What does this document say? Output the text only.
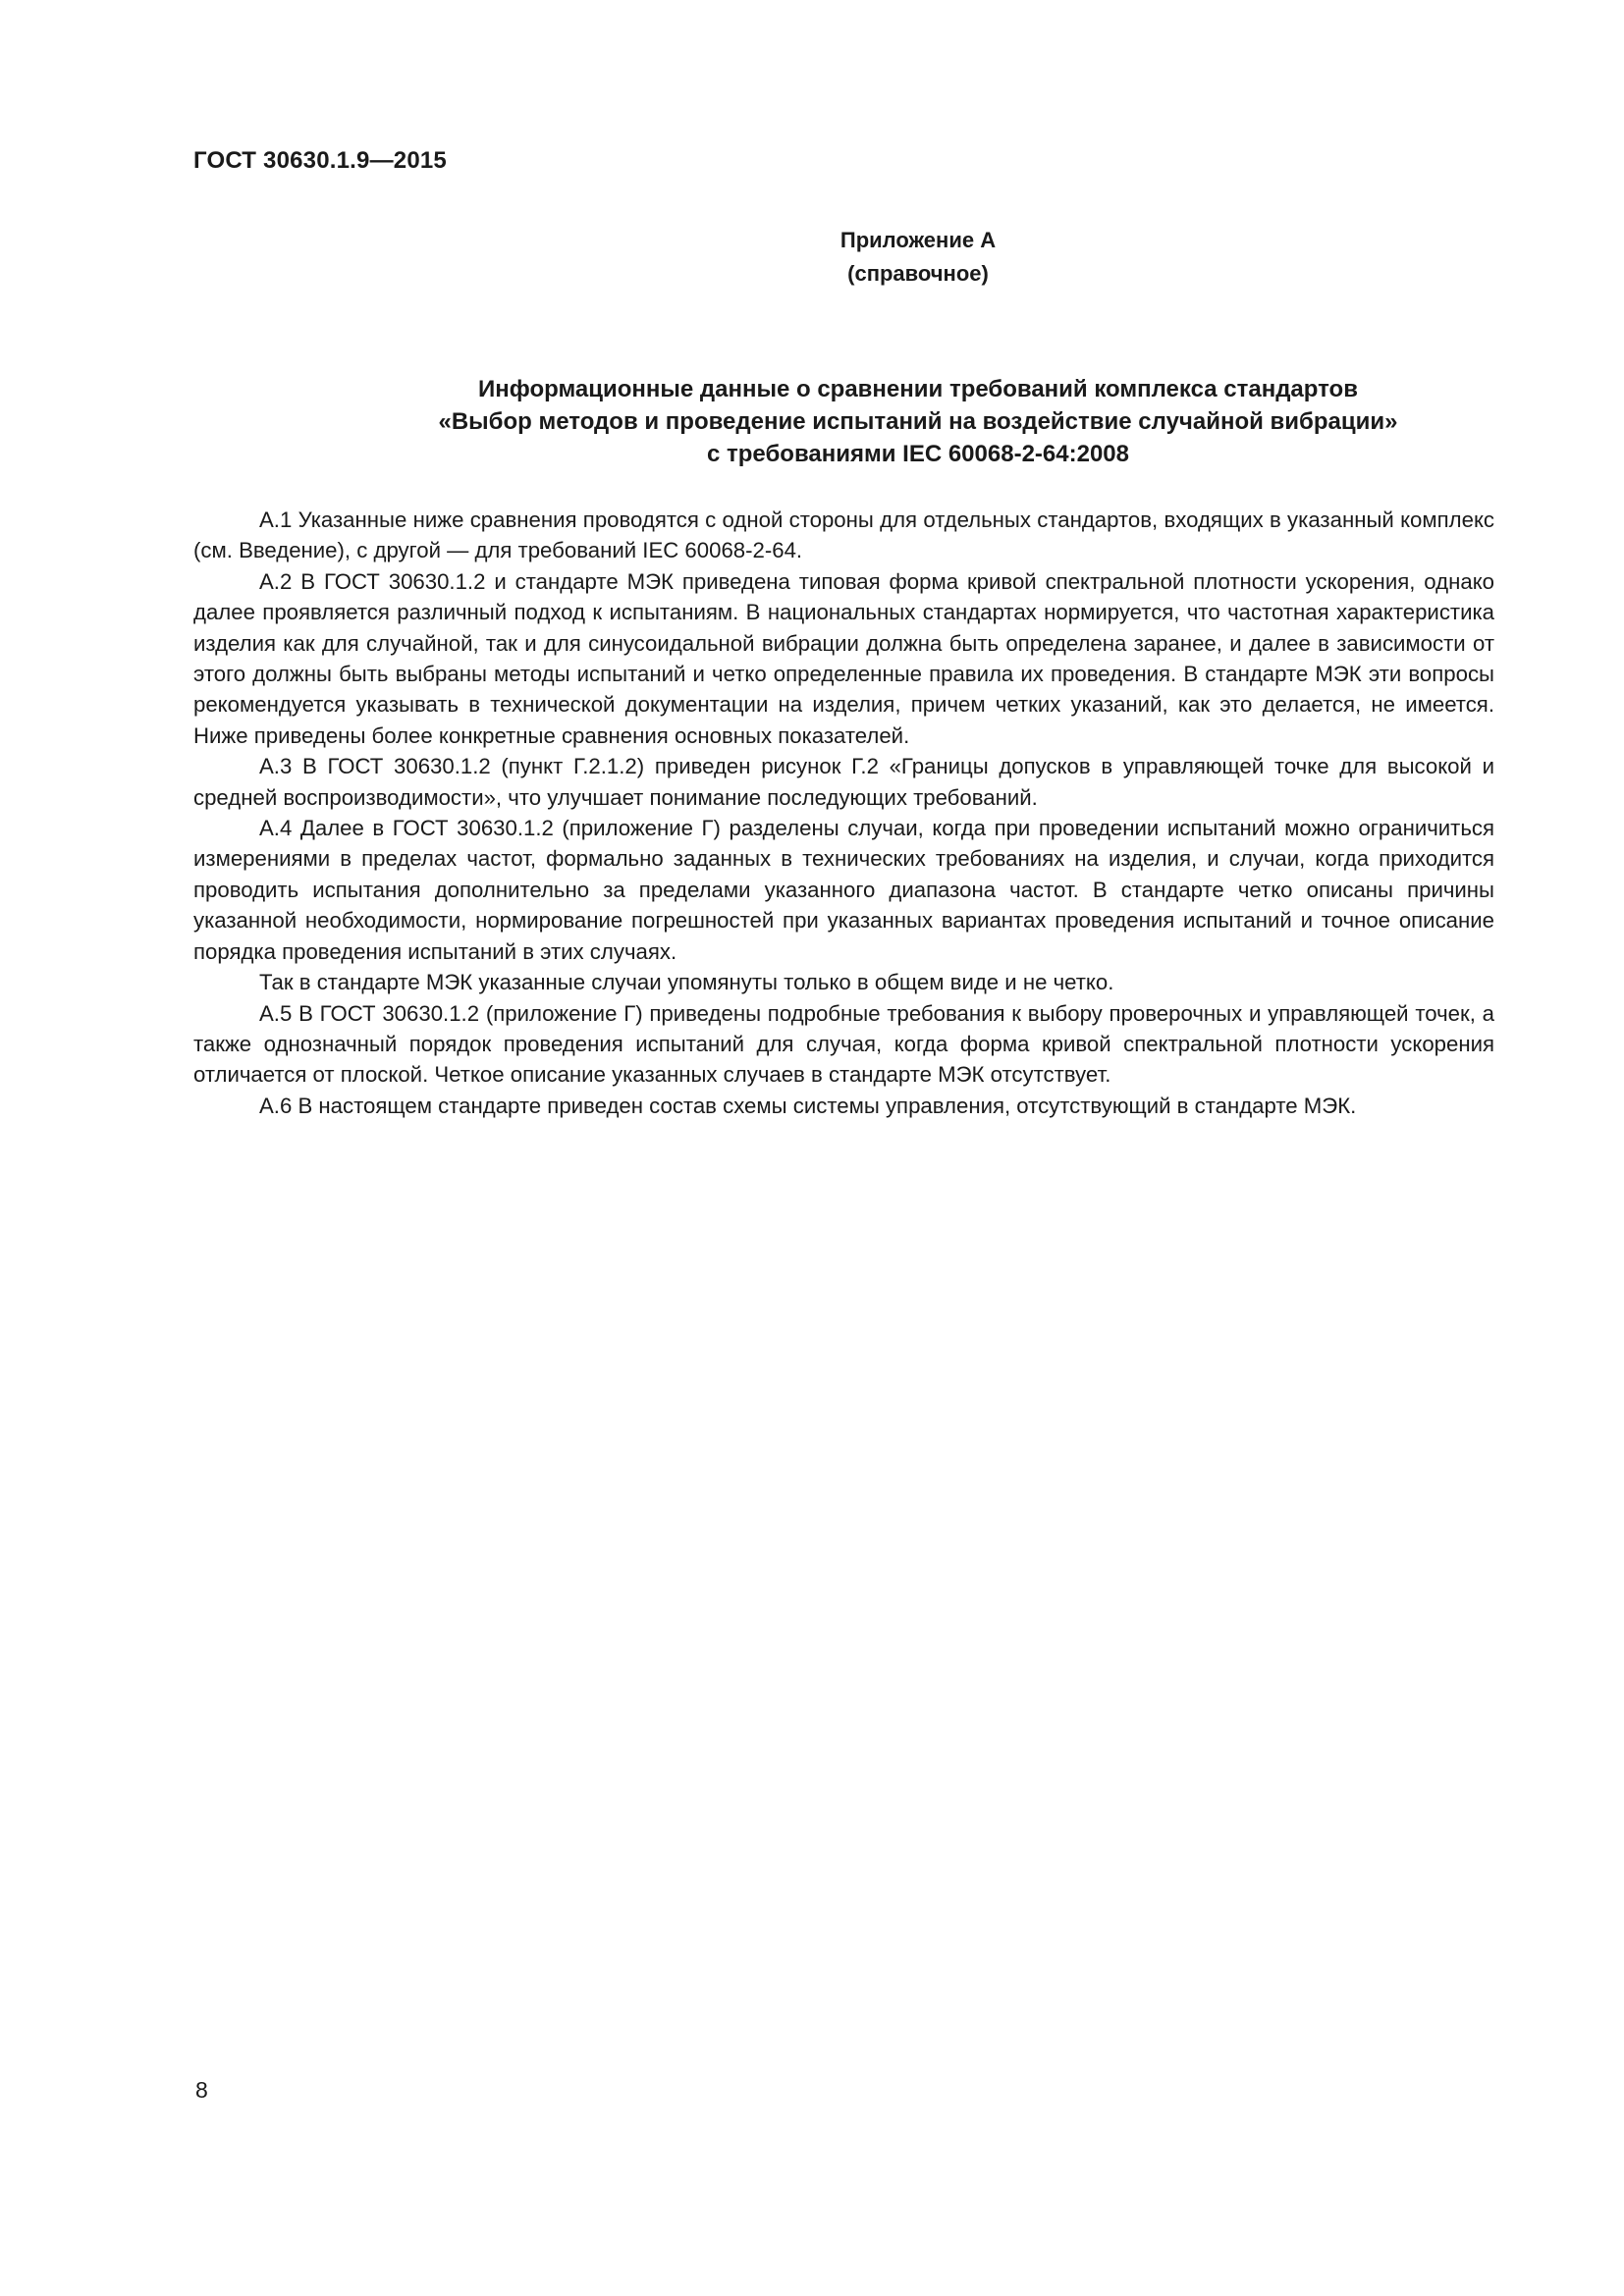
ГОСТ 30630.1.9—2015
Приложение А
(справочное)
Информационные данные о сравнении требований комплекса стандартов
«Выбор методов и проведение испытаний на воздействие случайной вибрации»
с требованиями IEC 60068-2-64:2008

А.1 Указанные ниже сравнения проводятся с одной стороны для отдельных стандартов, входящих в указанный комплекс (см. Введение), с другой — для требований IEC 60068-2-64.

А.2 В ГОСТ 30630.1.2 и стандарте МЭК приведена типовая форма кривой спектральной плотности ускорения, однако далее проявляется различный подход к испытаниям. В национальных стандартах нормируется, что частотная характеристика изделия как для случайной, так и для синусоидальной вибрации должна быть определена заранее, и далее в зависимости от этого должны быть выбраны методы испытаний и четко определенные правила их проведения. В стандарте МЭК эти вопросы рекомендуется указывать в технической документации на изделия, причем четких указаний, как это делается, не имеется. Ниже приведены более конкретные сравнения основных показателей.

А.3 В ГОСТ 30630.1.2 (пункт Г.2.1.2) приведен рисунок Г.2 «Границы допусков в управляющей точке для высокой и средней воспроизводимости», что улучшает понимание последующих требований.

А.4 Далее в ГОСТ 30630.1.2 (приложение Г) разделены случаи, когда при проведении испытаний можно ограничиться измерениями в пределах частот, формально заданных в технических требованиях на изделия, и случаи, когда приходится проводить испытания дополнительно за пределами указанного диапазона частот. В стандарте четко описаны причины указанной необходимости, нормирование погрешностей при указанных вариантах проведения испытаний и точное описание порядка проведения испытаний в этих случаях.

Так в стандарте МЭК указанные случаи упомянуты только в общем виде и не четко.

А.5 В ГОСТ 30630.1.2 (приложение Г) приведены подробные требования к выбору проверочных и управляющей точек, а также однозначный порядок проведения испытаний для случая, когда форма кривой спектральной плотности ускорения отличается от плоской. Четкое описание указанных случаев в стандарте МЭК отсутствует.

А.6 В настоящем стандарте приведен состав схемы системы управления, отсутствующий в стандарте МЭК.

8
